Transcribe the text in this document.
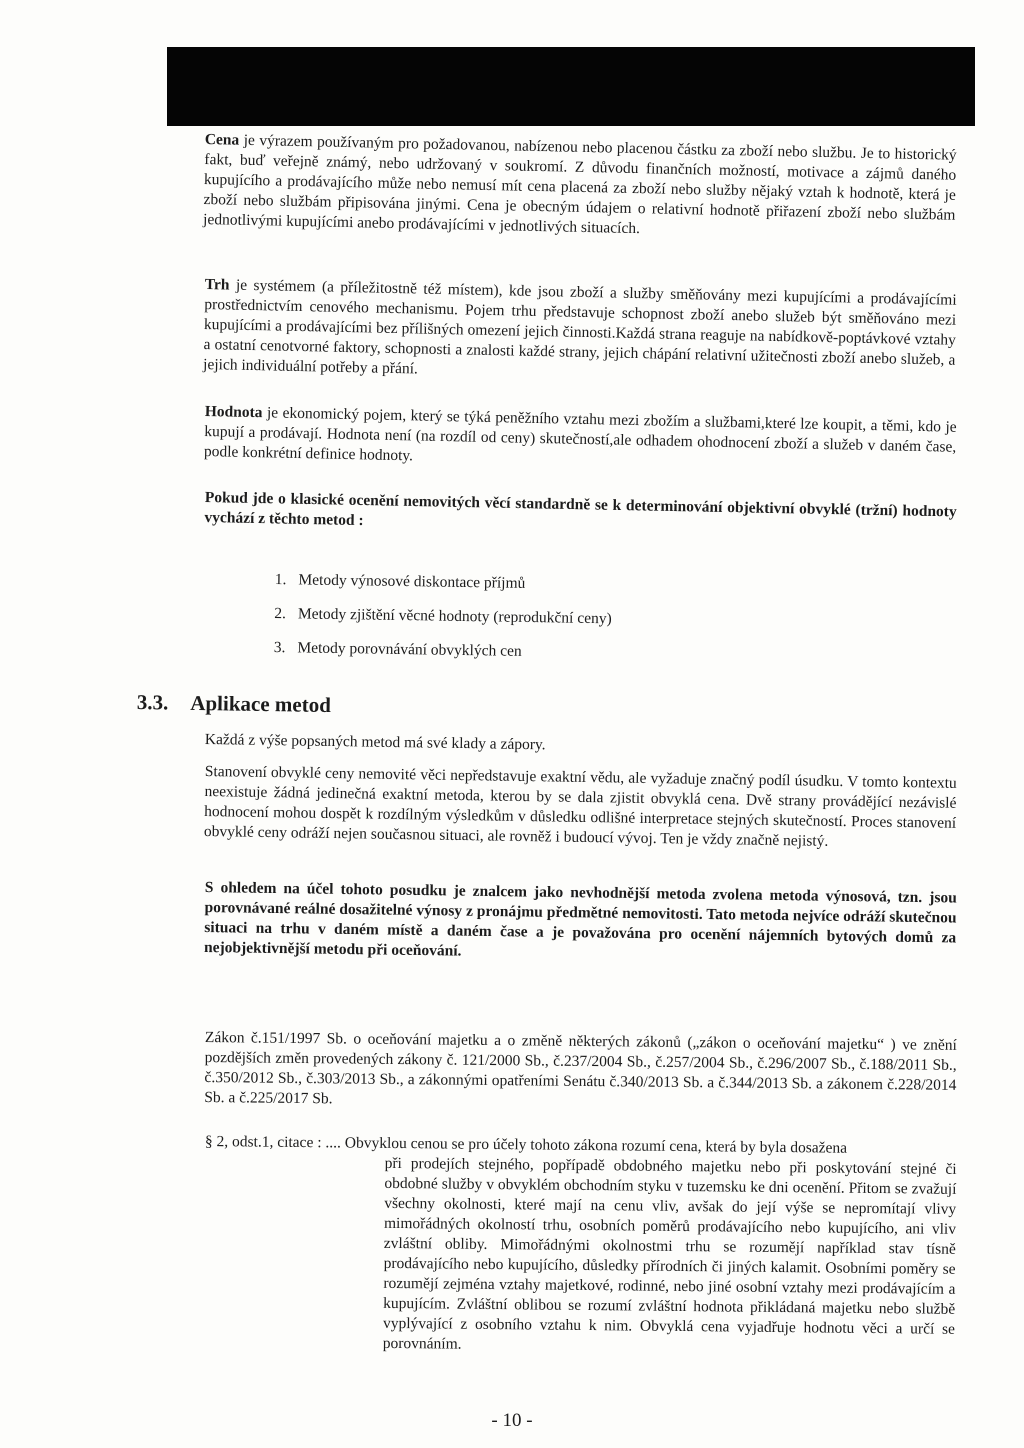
Cena je výrazem používaným pro požadovanou, nabízenou nebo placenou částku za zboží nebo službu. Je to historický fakt, buď veřejně známý, nebo udržovaný v soukromí. Z důvodu finančních možností, motivace a zájmů daného kupujícího a prodávajícího může nebo nemusí mít cena placená za zboží nebo služby nějaký vztah k hodnotě, která je zboží nebo službám připisována jinými. Cena je obecným údajem o relativní hodnotě přiřazení zboží nebo službám jednotlivými kupujícími anebo prodávajícími v jednotlivých situacích.

Trh je systémem (a příležitostně též místem), kde jsou zboží a služby směňovány mezi kupujícími a prodávajícími prostřednictvím cenového mechanismu. Pojem trhu představuje schopnost zboží anebo služeb být směňováno mezi kupujícími a prodávajícími bez přílišných omezení jejich činnosti.Každá strana reaguje na nabídkově-poptávkové vztahy a ostatní cenotvorné faktory, schopnosti a znalosti každé strany, jejich chápání relativní užitečnosti zboží anebo služeb, a jejich individuální potřeby a přání.

Hodnota je ekonomický pojem, který se týká peněžního vztahu mezi zbožím a službami,které lze koupit, a těmi, kdo je kupují a prodávají. Hodnota není (na rozdíl od ceny) skutečností,ale odhadem ohodnocení zboží a služeb v daném čase, podle konkrétní definice hodnoty.

Pokud jde o klasické ocenění nemovitých věcí standardně se k determinování objektivní obvyklé (tržní) hodnoty vychází z těchto metod :

1. Metody výnosové diskontace příjmů
2. Metody zjištění věcné hodnoty (reprodukční ceny)
3. Metody porovnávání obvyklých cen
3.3. Aplikace metod

Každá z výše popsaných metod má své klady a zápory.

Stanovení obvyklé ceny nemovité věci nepředstavuje exaktní vědu, ale vyžaduje značný podíl úsudku. V tomto kontextu neexistuje žádná jedinečná exaktní metoda, kterou by se dala zjistit obvyklá cena. Dvě strany provádějící nezávislé hodnocení mohou dospět k rozdílným výsledkům v důsledku odlišné interpretace stejných skutečností. Proces stanovení obvyklé ceny odráží nejen současnou situaci, ale rovněž i budoucí vývoj. Ten je vždy značně nejistý.

S ohledem na účel tohoto posudku je znalcem jako nevhodnější metoda zvolena metoda výnosová, tzn. jsou porovnávané reálné dosažitelné výnosy z pronájmu předmětné nemovitosti. Tato metoda nejvíce odráží skutečnou situaci na trhu v daném místě a daném čase a je považována pro ocenění nájemních bytových domů za nejobjektivnější metodu při oceňování.

Zákon č.151/1997 Sb. o oceňování majetku a o změně některých zákonů („zákon o oceňování majetku“ ) ve znění pozdějších změn provedených zákony č. 121/2000 Sb., č.237/2004 Sb., č.257/2004 Sb., č.296/2007 Sb., č.188/2011 Sb., č.350/2012 Sb., č.303/2013 Sb., a zákonnými opatřeními Senátu č.340/2013 Sb. a č.344/2013 Sb. a zákonem č.228/2014 Sb. a č.225/2017 Sb.

§ 2, odst.1, citace : .... Obvyklou cenou se pro účely tohoto zákona rozumí cena, která by byla dosažena
při prodejích stejného, popřípadě obdobného majetku nebo při poskytování stejné či obdobné služby v obvyklém obchodním styku v tuzemsku ke dni ocenění. Přitom se zvažují všechny okolnosti, které mají na cenu vliv, avšak do její výše se nepromítají vlivy mimořádných okolností trhu, osobních poměrů prodávajícího nebo kupujícího, ani vliv zvláštní obliby. Mimořádnými okolnostmi trhu se rozumějí například stav tísně prodávajícího nebo kupujícího, důsledky přírodních či jiných kalamit. Osobními poměry se rozumějí zejména vztahy majetkové, rodinné, nebo jiné osobní vztahy mezi prodávajícím a kupujícím. Zvláštní oblibou se rozumí zvláštní hodnota přikládaná majetku nebo službě vyplývající z osobního vztahu k nim. Obvyklá cena vyjadřuje hodnotu věci a určí se porovnáním.

- 10 -
